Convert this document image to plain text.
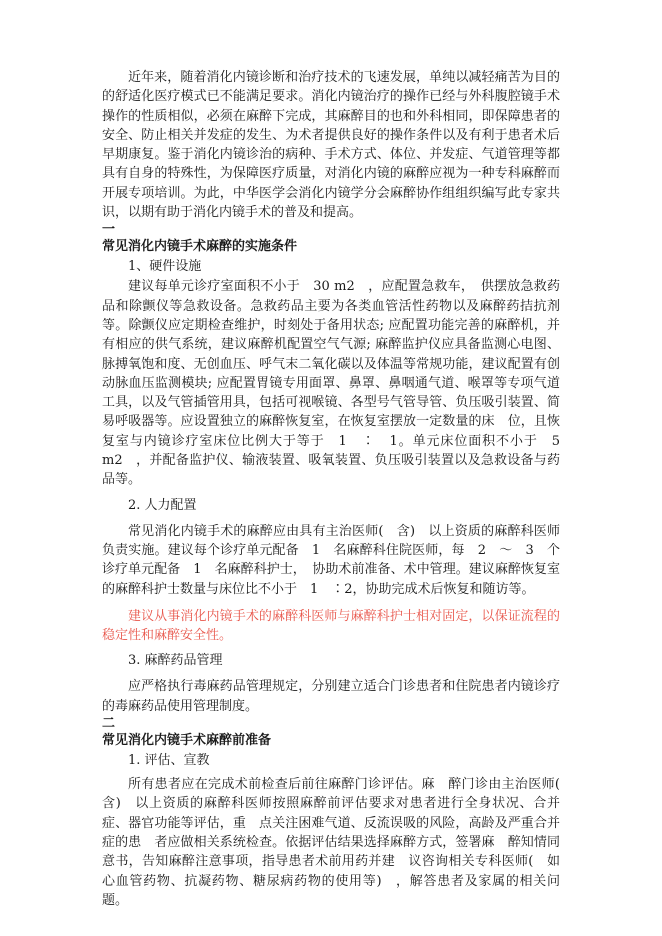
近年来，随着消化内镜诊断和治疗技术的飞速发展，单纯以减轻痛苦为目的的舒适化医疗模式已不能满足要求。消化内镜治疗的操作已经与外科腹腔镜手术操作的性质相似，必须在麻醉下完成，其麻醉目的也和外科相同，即保障患者的安全、防止相关并发症的发生、为术者提供良好的操作条件以及有利于患者术后早期康复。鉴于消化内镜诊治的病种、手术方式、体位、并发症、气道管理等都具有自身的特殊性，为保障医疗质量，对消化内镜的麻醉应视为一种专科麻醉而开展专项培训。为此，中华医学会消化内镜学分会麻醉协作组组织编写此专家共识，以期有助于消化内镜手术的普及和提高。

一
常见消化内镜手术麻醉的实施条件
1、硬件设施

建议每单元诊疗室面积不小于　30 m2　，应配置急救车，　供摆放急救药品和除颤仪等急救设备。急救药品主要为各类血管活性药物以及麻醉药拮抗剂等。除颤仪应定期检查维护，时刻处于备用状态; 应配置功能完善的麻醉机，并有相应的供气系统，建议麻醉机配置空气气源; 麻醉监护仪应具备监测心电图、脉搏氧饱和度、无创血压、呼气末二氧化碳以及体温等常规功能，建议配置有创动脉血压监测模块; 应配置胃镜专用面罩、鼻罩、鼻咽通气道、喉罩等专项气道工具，以及气管插管用具，包括可视喉镜、各型号气管导管、负压吸引装置、简易呼吸器等。应设置独立的麻醉恢复室，在恢复室摆放一定数量的床　位，且恢复室与内镜诊疗室床位比例大于等于　1　∶　1。单元床位面积不小于　5 m2　，并配备监护仪、输液装置、吸氧装置、负压吸引装置以及急救设备与药品等。

2. 人力配置

常见消化内镜手术的麻醉应由具有主治医师(　含)　以上资质的麻醉科医师负责实施。建议每个诊疗单元配备　1　名麻醉科住院医师，每　2　～　3　个诊疗单元配备　1　名麻醉科护士，　协助术前准备、术中管理。建议麻醉恢复室的麻醉科护士数量与床位比不小于　1　∶2，协助完成术后恢复和随访等。

建议从事消化内镜手术的麻醉科医师与麻醉科护士相对固定，以保证流程的稳定性和麻醉安全性。

3. 麻醉药品管理

应严格执行毒麻药品管理规定，分别建立适合门诊患者和住院患者内镜诊疗的毒麻药品使用管理制度。

二
常见消化内镜手术麻醉前准备
1. 评估、宣教

所有患者应在完成术前检查后前往麻醉门诊评估。麻　醉门诊由主治医师(　含)　以上资质的麻醉科医师按照麻醉前评估要求对患者进行全身状况、合并症、器官功能等评估，重　点关注困难气道、反流误吸的风险，高龄及严重合并症的患　者应做相关系统检查。依据评估结果选择麻醉方式，签署麻　醉知情同意书，告知麻醉注意事项，指导患者术前用药并建　议咨询相关专科医师(　如心血管药物、抗凝药物、糖尿病药物的使用等)　，解答患者及家属的相关问题。
